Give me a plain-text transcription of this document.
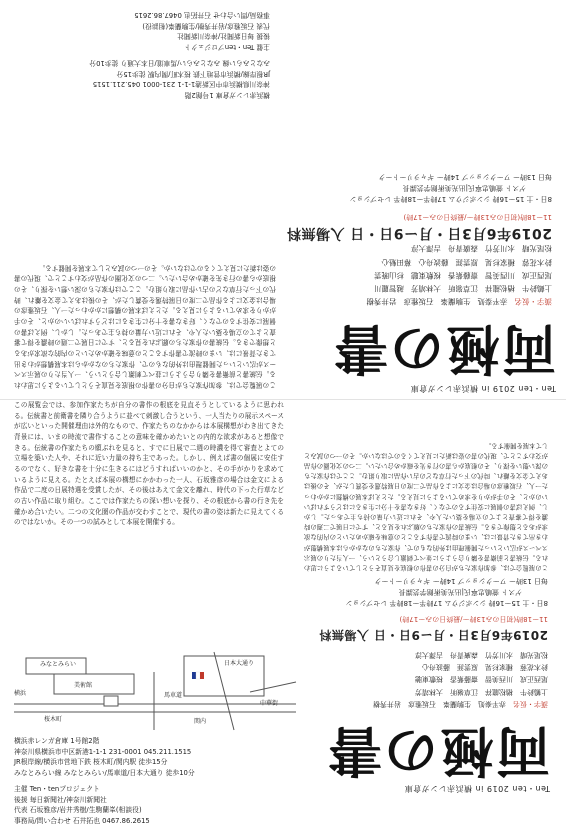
Ten・ten 2019 in 横浜赤レンガ倉庫
両極の書
漢字・仮名赤平泰処生駒蘭峯石坂雅彦岩井秀樹
上鶴鈴牛楢松龍祥江草嶺昕大林靖芳越智麗川
尾西正成川西美智齋藤紫香桜敷東聴杉山暁雲
鈴木花蓉種家杉晃原雲涯藤波舟心幕田魁心
松尾光晴水川芳竹森廣青舟吉澤大淳
2019年6月3日・月ー9日・日 入場無料
11ー18時(初日のみ13時ー/最終日のみー17時)
8日・土 15ー16時 シンポジウム 17時半ー18時半 レセプション
ゲスト 萱嶋忠寧氏|出光美術館学芸課長
毎日 13時ー ワークショップ 14時ー ギャラリートーク
この展覧会では、参加作家たちが自分の書作の根底を見直そうとしているように思われる。伝統書と前衛書を隣り合うように並べて刺激し合うという、一人当たりの展示スペースが広いといった開催理由は外的なもので、作家たちのなかからは本展構想がわき出てきた背景には、いまの時流で書作することの意味を確かめたいとの内的な欲求があると想像できる。伝統書の作家たちの願ぶれを見ると、すでに日展で二週の時濃を得て審査とよての立場を築いた人や、それに近い力量の持ち主であった。しかし、例えば書の個展に安住するのでなく、好きな書を十分に生きるにはどうすればいいのかと、その手がかりを求めているように見える。たとえば本展の構想にかかわった一人、石坂雅彦の場合は金文による作品で二度の日展特選を受賞したが、その後はあえて金文を離れ、時代の下った行草などの古い作品に取り組む。ここでは作家たちの深い想いを探り、その根底から書の行き先を確かめ合いたい。二つの文化圏の作品が交わすことで、現代の書の姿は新たに見えてくるのではないか。その一つの試みとして本展を開催する。
横浜赤レンガ倉庫 1号館2階
神奈川県横浜市中区新港1-1-1 231-0001 045.211.1515
JR根岸線/横浜市営地下鉄 桜木町/関内駅 徒歩15分
みなとみらい線 みなとみらい/馬車道/日本大通り 徒歩10分
主催 Ten・tenプロジェクト
後援 毎日新聞社/神奈川新聞社
代表 石坂雅彦/岩井秀樹/生駒蘭峯(相談役)
事務局/問い合わせ 石井拓也 0467.86.2615
この展覧会では、参加作家たちが自分の書作の根底を見直そうとしているように思われる。伝統書と前衛書を隣り合うように並べて刺激し合うという、一人当たりの展示スペースが広いといった開催理由は外的なもので、作家たちのなかからは本展構想がわき出てきた背景には、いまの時流で書作することの意味を確かめたいとの内的な欲求があると想像できる。伝統書の作家たちの願ぶれを見ると、すでに日展で二週の時濃を得て審査とよての立場を築いた人や、それに近い力量の持ち主であった。しかし、例えば書の個展に安住するのでなく、好きな書を十分に生きるにはどうすればいいのかと、その手がかりを求めているように見える。たとえば本展の構想にかかわった一人、石坂雅彦の場合は金文による作品で二度の日展特選を受賞したが、その後はあえて金文を離れ、時代の下った行草などの古い作品に取り組む。ここでは作家たちの深い想いを探り、その根底から書の行き先を確かめ合いたい。二つの文化圏の作品が交わすことで、現代の書の姿は新たに見えてくるのではないか。その一つの試みとして本展を開催する。
みなとみらい
美術館
横浜
桜木町
日本大通り
馬車道
関内
中華街
横浜赤レンガ倉庫 1号館2階
神奈川県横浜市中区新港1-1-1 231-0001 045.211.1515
JR根岸線/横浜市営地下鉄 桜木町/関内駅 徒歩15分
みなとみらい線 みなとみらい/馬車道/日本大通り 徒歩10分
主催 Ten・tenプロジェクト
後援 毎日新聞社/神奈川新聞社
代表 石坂雅彦/岩井秀樹/生駒蘭峯(相談役)
事務局/問い合わせ 石井拓也 0467.86.2615
Ten・ten 2019 in 横浜赤レンガ倉庫
両極の書
漢字・仮名赤平泰処生駒蘭峯石坂雅彦岩井秀樹
上鶴鈴牛楢松龍祥江草嶺昕大林靖芳
尾西正成川西美智齋藤紫香桜敷東聴
鈴木花蓉種家杉晃原雲涯藤波舟心
松尾光晴水川芳竹森廣青舟吉澤大淳
2019年6月3日・月ー9日・日 入場無料
11ー18時(初日のみ13時ー/最終日のみー17時)
8日・土 15ー16時 シンポジウム 17時半ー18時半 レセプション
ゲスト 萱嶋忠寧氏|出光美術館学芸課長
毎日 13時ー ワークショップ 14時ー ギャラリートーク
この展覧会では、参加作家たちが自分の書作の根底を見直そうとしているように思われる。伝統書と前衛書を隣り合うように並べて刺激し合うという、一人当たりの展示スペースが広いといった開催理由は外的なもので、作家たちのなかからは本展構想がわき出てきた背景には、いまの時流で書作することの意味を確かめたいとの内的な欲求があると想像できる。伝統書の作家たちの願ぶれを見ると、すでに日展で二週の時濃を得て審査とよての立場を築いた人や、それに近い力量の持ち主であった。しかし、例えば書の個展に安住するのでなく、好きな書を十分に生きるにはどうすればいいのかと、その手がかりを求めているように見える。たとえば本展の構想にかかわった一人、石坂雅彦の場合は金文による作品で二度の日展特選を受賞したが、その後はあえて金文を離れ、時代の下った行草などの古い作品に取り組む。ここでは作家たちの深い想いを探り、その根底から書の行き先を確かめ合いたい。二つの文化圏の作品が交わすことで、現代の書の姿は新たに見えてくるのではないか。その一つの試みとして本展を開催する。
